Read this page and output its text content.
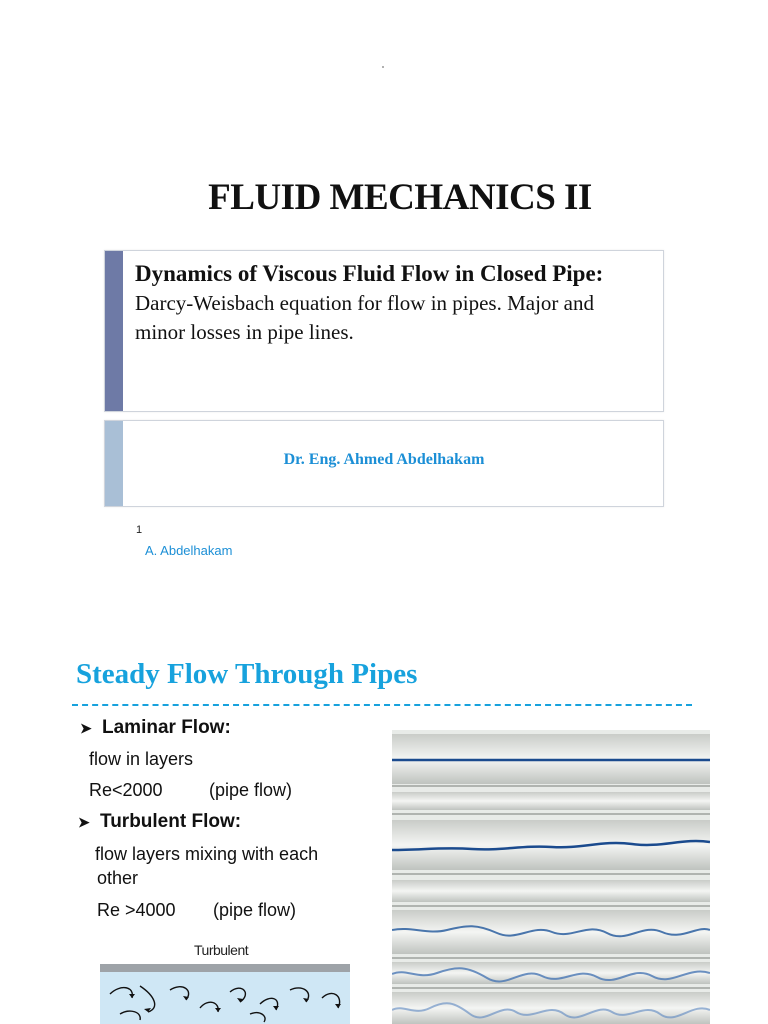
FLUID MECHANICS II
Dynamics of Viscous Fluid Flow in Closed Pipe: Darcy-Weisbach equation for flow in pipes. Major and minor losses in pipe lines.
Dr. Eng. Ahmed Abdelhakam
1
A. Abdelhakam
Steady Flow Through Pipes
➤ Laminar Flow:
flow in layers
Re<2000	(pipe flow)
➤ Turbulent Flow:
flow layers mixing with each
other
Re >4000 (pipe flow)
Turbulent
